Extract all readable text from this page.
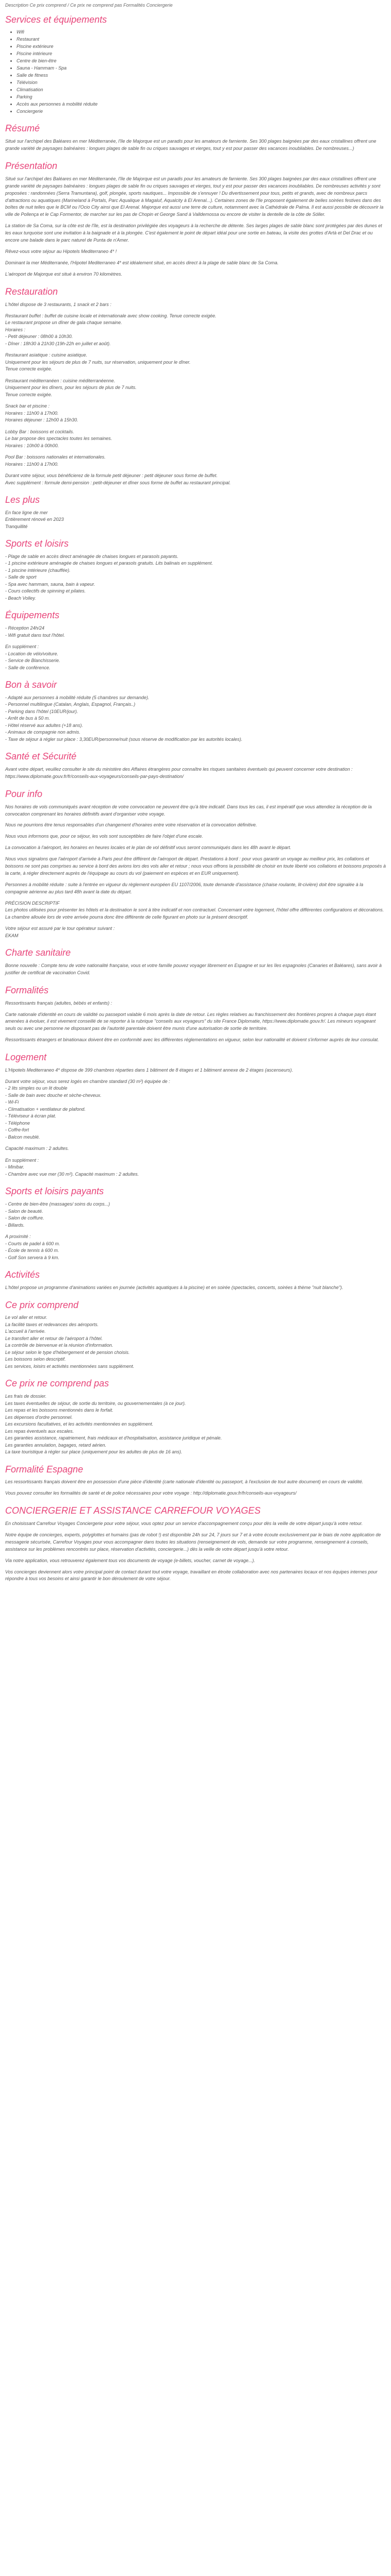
Description Ce prix comprend / Ce prix ne comprend pas Formalités Conciergerie
Services et équipements
• Wifi
• Restaurant
• Piscine extérieure
• Piscine intérieure
• Centre de bien-être
• Sauna - Hammam - Spa
• Salle de fitness
• Télévision
• Climatisation
• Parking
• Accès aux personnes à mobilité réduite
• Conciergerie
Résumé

Situé sur l'archipel des Baléares en mer Méditerranée, l'île de Majorque est un paradis pour les amateurs de farniente. Ses 300 plages baignées par des eaux cristallines offrent une grande variété de paysages balnéaires : longues plages de sable fin ou criques sauvages et vierges, tout y est pour passer des vacances inoubliables. De nombreuses...)

Présentation

Situé sur l'archipel des Baléares en mer Méditerranée, l'île de Majorque est un paradis pour les amateurs de farniente. Ses 300 plages baignées par des eaux cristallines offrent une grande variété de paysages balnéaires : longues plages de sable fin ou criques sauvages et vierges, tout y est pour passer des vacances inoubliables. De nombreuses activités y sont proposées : randonnées (Serra Tramuntana), golf, plongée, sports nautiques... Impossible de s'ennuyer ! Du divertissement pour tous, petits et grands, avec de nombreux parcs d'attractions ou aquatiques (Marineland à Portals, Parc Aqualique à Magaluf, Aqualcity à El Arenal...). Certaines zones de l'île proposent également de belles soirées festives dans des boîtes de nuit telles que le BCM ou l'Ocio City ainsi que El Arenal. Majorque est aussi une terre de culture, notamment avec la Cathédrale de Palma. Il est aussi possible de découvrir la ville de Pollença et le Cap Formentor, de marcher sur les pas de Chopin et George Sand à Valldemossa ou encore de visiter la dentelle de la côte de Sóller.

La station de Sa Coma, sur la côte est de l'île, est la destination privilégiée des voyageurs à la recherche de détente. Ses larges plages de sable blanc sont protégées par des dunes et les eaux turquoise sont une invitation à la baignade et à la plongée. C'est également le point de départ idéal pour une sortie en bateau, la visite des grottes d'Artà et Del Drac et ou encore une balade dans le parc naturel de Punta de n'Amer.

Rêvez-vous votre séjour au Hipotels Mediterraneo 4* !

Dominant la mer Méditerranée, l'Hipotel Mediterraneo 4* est idéalement situé, en accès direct à la plage de sable blanc de Sa Coma.

L'aéroport de Majorque est situé à environ 70 kilomètres.

Restauration

L'hôtel dispose de 3 restaurants, 1 snack et 2 bars :

Restaurant buffet : buffet de cuisine locale et internationale avec show cooking. Tenue correcte exigée.
Le restaurant propose un dîner de gala chaque semaine.
Horaires :
- Petit déjeuner : 08h00 à 10h30.
- Dîner : 18h30 à 21h30 (19h-22h en juillet et août).
Restaurant asiatique : cuisine asiatique.
Uniquement pour les séjours de plus de 7 nuits, sur réservation, uniquement pour le dîner.
Tenue correcte exigée.
Restaurant méditerranéen : cuisine méditerranéenne.
Uniquement pour les dîners, pour les séjours de plus de 7 nuits.
Tenue correcte exigée.
Snack bar et piscine :
Horaires : 11h00 à 17h00.
Horaires déjeuner : 12h00 à 15h30.
Lobby Bar : boissons et cocktails.
Le bar propose des spectacles toutes les semaines.
Horaires : 10h00 à 00h00.
Pool Bar : boissons nationales et internationales.
Horaires : 11h00 à 17h00.
Durant votre séjour, vous bénéficierez de la formule petit déjeuner : petit déjeuner sous forme de buffet.
Avec supplément : formule demi-pension : petit-déjeuner et dîner sous forme de buffet au restaurant principal.
Les plus
En face ligne de mer
Entièrement rénové en 2023
Tranquillité
Sports et loisirs
- Plage de sable en accès direct aménagée de chaises longues et parasols payants.
- 1 piscine extérieure aménagée de chaises longues et parasols gratuits. Lits balinais en supplément.
- 1 piscine intérieure (chauffée).
- Salle de sport
- Spa avec hammam, sauna, bain à vapeur.
- Cours collectifs de spinning et pilates.
- Beach Volley.
Équipements
- Réception 24h/24
- Wifi gratuit dans tout l'hôtel.
En supplément :
- Location de vélo/voiture.
- Service de Blanchisserie.
- Salle de conférence.
Bon à savoir
- Adapté aux personnes à mobilité réduite (5 chambres sur demande).
- Personnel multilingue (Catalan, Anglais, Espagnol, Français..)
- Parking dans l'hôtel (10EUR/jour).
- Arrêt de bus à 50 m.
- Hôtel réservé aux adultes (+18 ans).
- Animaux de compagnie non admis.
- Taxe de séjour à régler sur place : 3,30EUR/personne/nuit (sous réserve de modification par les autorités locales).
Santé et Sécurité

Avant votre départ, veuillez consulter le site du ministère des Affaires étrangères pour connaître les risques sanitaires éventuels qui peuvent concerner votre destination : https://www.diplomatie.gouv.fr/fr/conseils-aux-voyageurs/conseils-par-pays-destination/

Pour info

Nos horaires de vols communiqués avant réception de votre convocation ne peuvent être qu'à titre indicatif. Dans tous les cas, il est impératif que vous attendiez la réception de la convocation comprenant les horaires définitifs avant d'organiser votre voyage.

Nous ne pourrions être tenus responsables d'un changement d'horaires entre votre réservation et la convocation définitive.

Nous vous informons que, pour ce séjour, les vols sont susceptibles de faire l'objet d'une escale.

La convocation à l'aéroport, les horaires en heures locales et le plan de vol définitif vous seront communiqués dans les 48h avant le départ.

Nous vous signalons que l'aéroport d'arrivée à Paris peut être différent de l'aéroport de départ. Prestations à bord : pour vous garantir un voyage au meilleur prix, les collations et boissons ne sont pas comprises au service à bord des avions lors des vols aller et retour ; nous vous offrons la possibilité de choisir en toute liberté vos collations et boissons proposés à la carte, à régler directement auprès de l'équipage au cours du vol (paiement en espèces et en EUR uniquement).

Personnes à mobilité réduite : suite à l'entrée en vigueur du règlement européen EU 1107/2006, toute demande d'assistance (chaise roulante, lit-civière) doit être signalée à la compagnie aérienne au plus tard 48h avant la date du départ.

PRÉCISION DESCRIPTIF

Les photos utilisées pour présenter les hôtels et la destination le sont à titre indicatif et non contractuel. Concernant votre logement, l'hôtel offre différentes configurations et décorations. La chambre allouée lors de votre arrivée pourra donc être différente de celle figurant en photo sur la présent descriptif.

Votre séjour est assuré par le tour opérateur suivant :
EKAM
Charte sanitaire

Bonne nouvelle : Compte tenu de votre nationalité française, vous et votre famille pouvez voyager librement en Espagne et sur les îles espagnoles (Canaries et Baléares), sans avoir à justifier de certificat de vaccination Covid.

Formalités

Ressortissants français (adultes, bébés et enfants) :

Carte nationale d'identité en cours de validité ou passeport valable 6 mois après la date de retour. Les règles relatives au franchissement des frontières propres à chaque pays étant amenées à évoluer, il est vivement conseillé de se reporter à la rubrique "conseils aux voyageurs" du site France Diplomatie, https://www.diplomatie.gouv.fr/. Les mineurs voyageant seuls ou avec une personne ne disposant pas de l'autorité parentale doivent être munis d'une autorisation de sortie de territoire.

Ressortissants étrangers et binationaux doivent être en conformité avec les différentes réglementations en vigueur, selon leur nationalité et doivent s'informer auprès de leur consulat.

Logement

L'Hipotels Mediterraneo 4* dispose de 399 chambres réparties dans 1 bâtiment de 8 étages et 1 bâtiment annexe de 2 étages (ascenseurs).

Durant votre séjour, vous serez logés en chambre standard (30 m²) équipée de :
- 2 lits simples ou un lit double
- Salle de bain avec douche et sèche-cheveux.
- Wi-Fi
- Climatisation + ventilateur de plafond.
- Téléviseur à écran plat.
- Téléphone
- Coffre-fort
- Balcon meublé.
Capacité maximum : 2 adultes.
En supplément :
- Minibar.
- Chambre avec vue mer (30 m²). Capacité maximum : 2 adultes.
Sports et loisirs payants
- Centre de bien-être (massages/ soins du corps...)
- Salon de beauté.
- Salon de coiffure.
- Billards.
A proximité :
- Courts de padel à 600 m.
- École de tennis à 600 m.
- Golf Son servera à 9 km.
Activités

L'hôtel propose un programme d'animations variées en journée (activités aquatiques à la piscine) et en soirée (spectacles, concerts, soirées à thème "nuit blanche").

Ce prix comprend
Le vol aller et retour.
La facilité taxes et redevances des aéroports.
L'accueil à l'arrivée.
Le transfert aller et retour de l'aéroport à l'hôtel.
La contrôle de bienvenue et la réunion d'information.
Le séjour selon le type d'hébergement et de pension choisis.
Les boissons selon descriptif.
Les services, loisirs et activités mentionnées sans supplément.
Ce prix ne comprend pas
Les frais de dossier.
Les taxes éventuelles de séjour, de sortie du territoire, ou gouvernementales (à ce jour).
Les repas et les boissons mentionnés dans le forfait.
Les dépenses d'ordre personnel.
Les excursions facultatives, et les activités mentionnées en supplément.
Les repas éventuels aux escales.
Les garanties assistance, rapatriement, frais médicaux et d'hospitalisation, assistance juridique et pénale.
Les garanties annulation, bagages, retard aérien.
La taxe touristique à régler sur place (uniquement pour les adultes de plus de 16 ans).
Formalité Espagne

Les ressortissants français doivent être en possession d'une pièce d'identité (carte nationale d'identité ou passeport, à l'exclusion de tout autre document) en cours de validité.

Vous pouvez consulter les formalités de santé et de police nécessaires pour votre voyage : http://diplomatie.gouv.fr/fr/conseils-aux-voyageurs/

CONCIERGERIE ET ASSISTANCE CARREFOUR VOYAGES

En choisissant Carrefour Voyages Conciergerie pour votre séjour, vous optez pour un service d'accompagnement conçu pour dès la veille de votre départ jusqu'à votre retour.

Notre équipe de concierges, experts, polyglottes et humains (pas de robot !) est disponible 24h sur 24, 7 jours sur 7 et à votre écoute exclusivement par le biais de notre application de messagerie sécurisée, Carrefour Voyages pour vous accompagner dans toutes les situations (renseignement de vols, demande sur votre programme, renseignement à conseils, assistance sur les problèmes rencontrés sur place, réservation d'activités, conciergerie...) dès la veille de votre départ jusqu'à votre retour.

Via notre application, vous retrouverez également tous vos documents de voyage (e-billets, voucher, carnet de voyage...).

Vos concierges deviennent alors votre principal point de contact durant tout votre voyage, travaillant en étroite collaboration avec nos partenaires locaux et nos équipes internes pour répondre à tous vos besoins et ainsi garantir le bon déroulement de votre séjour.
